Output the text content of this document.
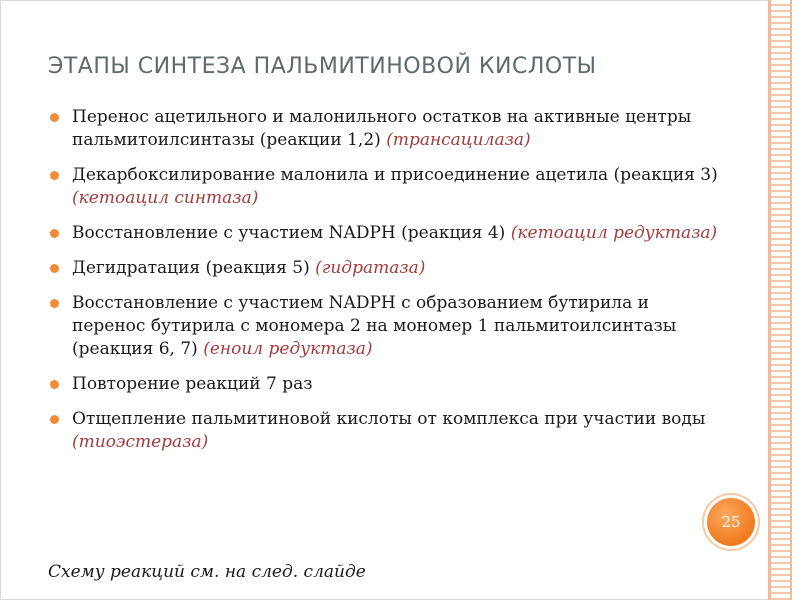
ЭТАПЫ СИНТЕЗА ПАЛЬМИТИНОВОЙ КИСЛОТЫ
Перенос ацетильного и малонильного остатков на активные центры пальмитоилсинтазы (реакции 1,2) (трансацилаза)
Декарбоксилирование малонила и присоединение ацетила (реакция 3) (кетоацил синтаза)
Восстановление с участием NADPH (реакция 4) (кетоацил редуктаза)
Дегидратация (реакция 5) (гидратаза)
Восстановление с участием NADPH с образованием бутирила и перенос бутирила с мономера 2 на мономер 1 пальмитоилсинтазы (реакция 6, 7) (еноил редуктаза)
Повторение реакций 7 раз
Отщепление пальмитиновой кислоты от комплекса при участии воды (тиоэстераза)
25
Схему реакций см. на след. слайде
